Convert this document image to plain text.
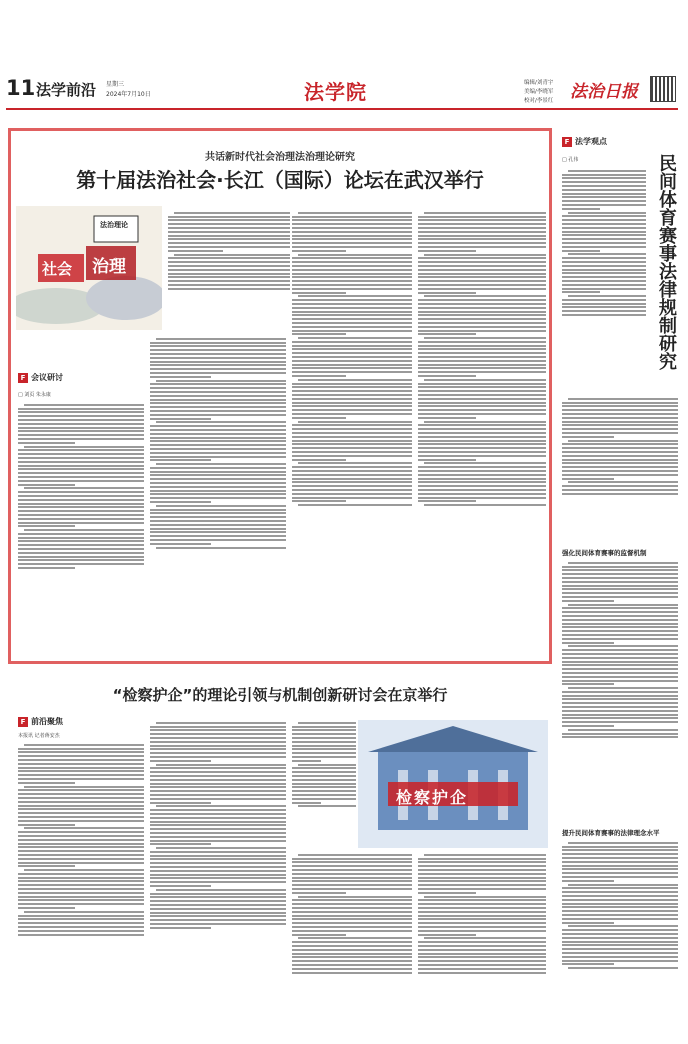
11 法学前沿 星期三
2024年7月10日	法学院	编辑/刘青宇
美编/李晓军
校对/李景红 法治日报
共话新时代社会治理法治理论研究
第十届法治社会·长江（国际）论坛在武汉举行
法治理论
社会 治理
F 会议研讨
□ 刘页 朱永康
“检察护企”的理论引领与机制创新研讨会在京举行
F 前沿聚焦
本报讯 记者蒋安杰
检察护企
F 法学观点
□ 孔伟	民间体育赛事法律规制研究
强化民间体育赛事的监督机制
提升民间体育赛事的法律理念水平
